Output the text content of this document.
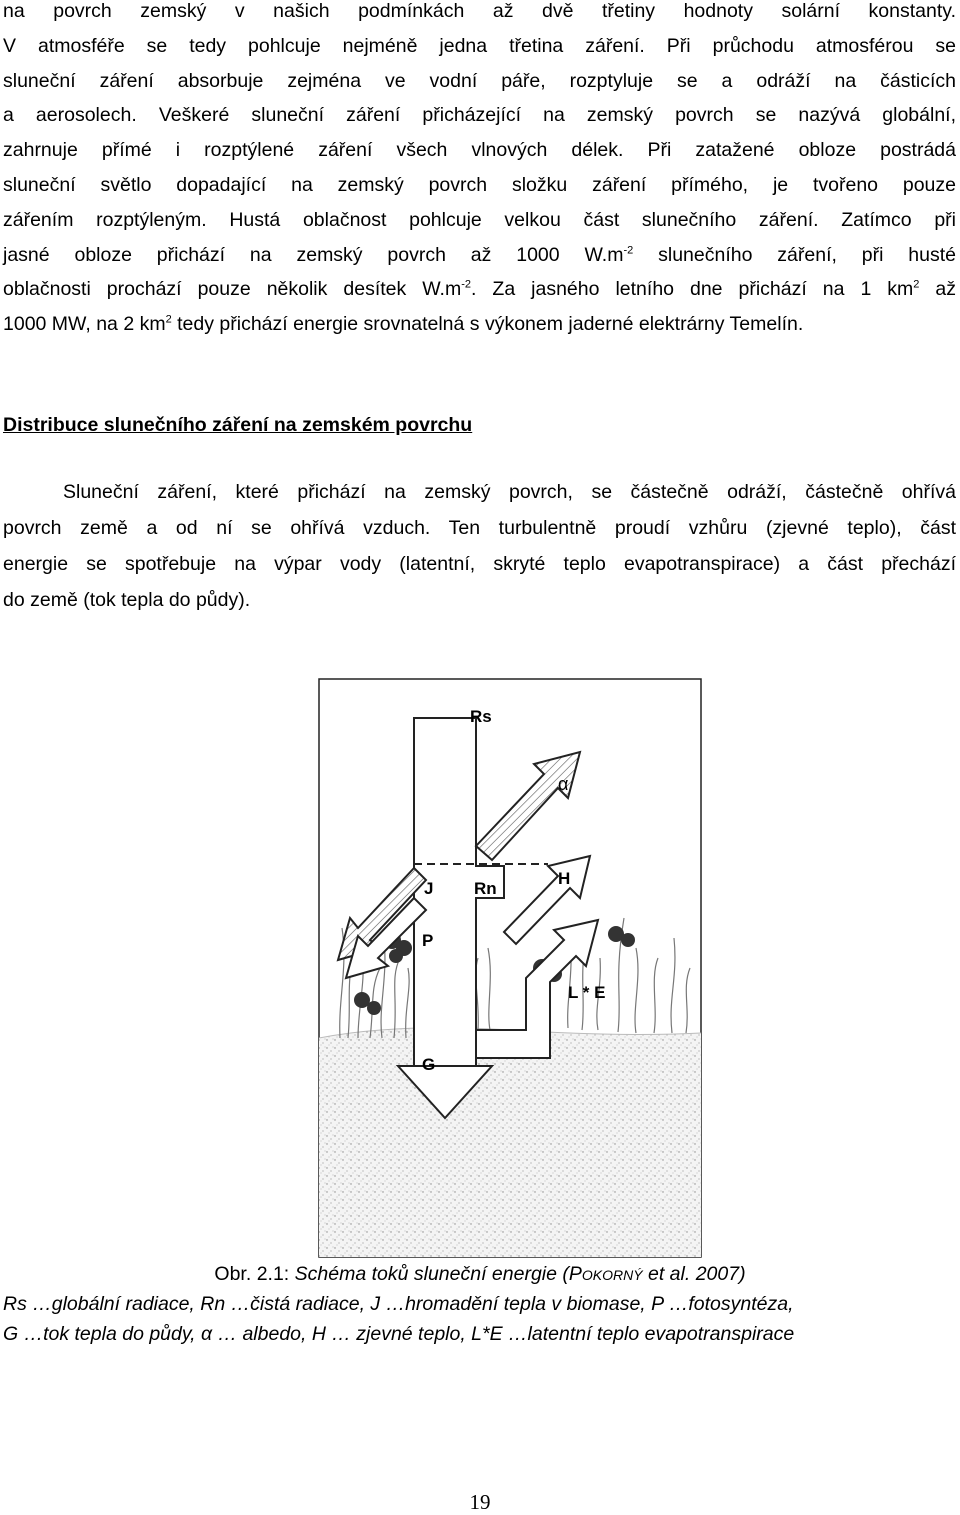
na povrch zemský v našich podmínkách až dvě třetiny hodnoty solární konstanty.
V atmosféře se tedy pohlcuje nejméně jedna třetina záření. Při průchodu atmosférou se
sluneční záření absorbuje zejména ve vodní páře, rozptyluje se a odráží na částicích
a aerosolech. Veškeré sluneční záření přicházející na zemský povrch se nazývá globální,
zahrnuje přímé i rozptýlené záření všech vlnových délek. Při zatažené obloze postrádá
sluneční světlo dopadající na zemský povrch složku záření přímého, je tvořeno pouze
zářením rozptýleným. Hustá oblačnost pohlcuje velkou část slunečního záření. Zatímco při
jasné obloze přichází na zemský povrch až 1000 $W.m^{-2}$ slunečního záření, při husté
oblačnosti prochází pouze několik desítek $W.m^{-2}$. Za jasného letního dne přichází na 1 $km^2$ až
1000 MW, na 2 $km^2$ tedy přichází energie srovnatelná s výkonem jaderné elektrárny Temelín.
Distribuce slunečního záření na zemském povrchu
Sluneční záření, které přichází na zemský povrch, se částečně odráží, částečně ohřívá
povrch země a od ní se ohřívá vzduch. Ten turbulentně proudí vzhůru (zjevné teplo), část
energie se spotřebuje na výpar vody (latentní, skryté teplo evapotranspirace) a část přechází
do země (tok tepla do půdy).
Rs
α
J Rn
H
P
L * E
G
Obr. 2.1: Schéma toků sluneční energie (Pokorný et al. 2007)
Rs …globální radiace, Rn …čistá radiace, J …hromadění tepla v biomase, P …fotosyntéza,
G …tok tepla do půdy, α … albedo, H … zjevné teplo, L*E …latentní teplo evapotranspirace
19
